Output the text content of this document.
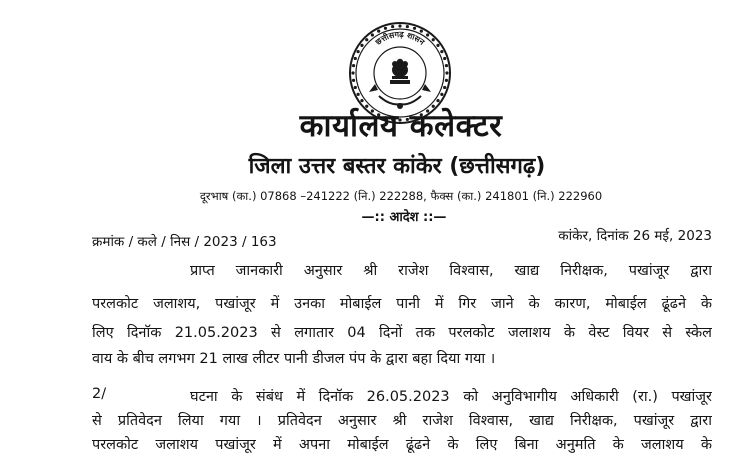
छत्तीसगढ़ शासन
कार्यालय कलेक्टर
जिला उत्तर बस्तर कांकेर (छत्तीसगढ़)
दूरभाष (का.) 07868 –241222 (नि.) 222288, फैक्स (का.) 241801 (नि.) 222960
—:: आदेश ::—
क्रमांक / कले / निस / 2023 / 163	कांकेर, दिनांक 26 मई, 2023
प्राप्त जानकारी अनुसार श्री राजेश विश्वास, खाद्य निरीक्षक, पखांजूर द्वारा
परलकोट जलाशय, पखांजूर में उनका मोबाईल पानी में गिर जाने के कारण, मोबाईल ढूंढने के
लिए दिनॉक 21.05.2023 से लगातार 04 दिनों तक परलकोट जलाशय के वेस्ट वियर से स्केल
वाय के बीच लगभग 21 लाख लीटर पानी डीजल पंप के द्वारा बहा दिया गया ।
2/	घटना के संबंध में दिनॉक 26.05.2023 को अनुविभागीय अधिकारी (रा.) पखांजूर
से प्रतिवेदन लिया गया । प्रतिवेदन अनुसार श्री राजेश विश्वास, खाद्य निरीक्षक, पखांजूर द्वारा
परलकोट जलाशय पखांजूर में अपना मोबाईल ढूंढने के लिए बिना अनुमति के जलाशय के
